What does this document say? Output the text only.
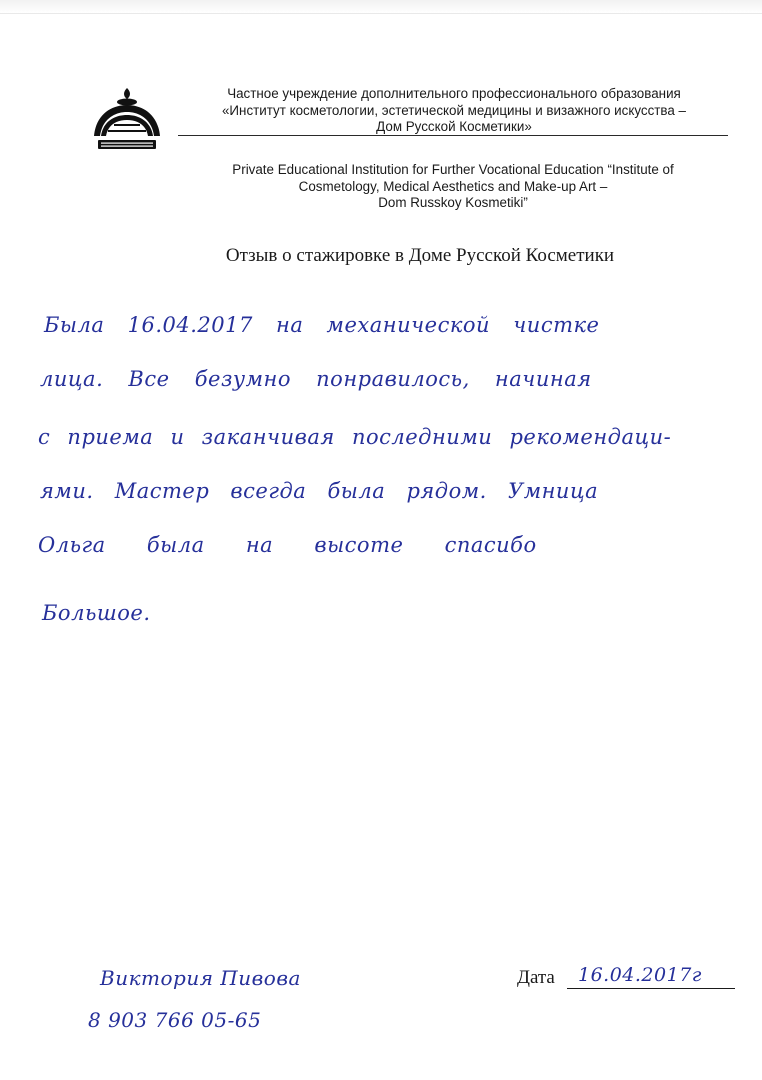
Частное учреждение дополнительного профессионального образования
«Институт косметологии, эстетической медицины и визажного искусства –
Дом Русской Косметики»
Private Educational Institution for Further Vocational Education “Institute of
Cosmetology, Medical Aesthetics and Make-up Art –
Dom Russkoy Kosmetiki”
Отзыв о стажировке в Доме Русской Косметики
Была 16.04.2017 на механической чистке
лица. Все безумно понравилось, начиная
с приема и заканчивая последними рекомендаци-
ями. Мастер всегда была рядом. Умница
Ольга была на высоте спасибо
Большое.
Виктория Пивова
8 903 766 05-65
Дата 16.04.2017г
